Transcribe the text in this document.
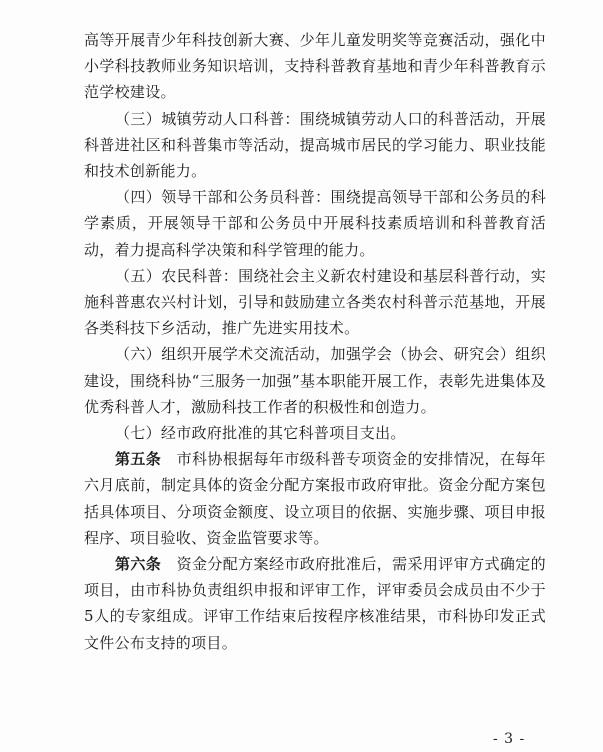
高等开展青少年科技创新大赛、少年儿童发明奖等竞赛活动，强化中小学科技教师业务知识培训，支持科普教育基地和青少年科普教育示范学校建设。

（三）城镇劳动人口科普：围绕城镇劳动人口的科普活动，开展科普进社区和科普集市等活动，提高城市居民的学习能力、职业技能和技术创新能力。

（四）领导干部和公务员科普：围绕提高领导干部和公务员的科学素质，开展领导干部和公务员中开展科技素质培训和科普教育活动，着力提高科学决策和科学管理的能力。

（五）农民科普：围绕社会主义新农村建设和基层科普行动，实施科普惠农兴村计划，引导和鼓励建立各类农村科普示范基地，开展各类科技下乡活动，推广先进实用技术。

（六）组织开展学术交流活动，加强学会（协会、研究会）组织建设，围绕科协“三服务一加强”基本职能开展工作，表彰先进集体及优秀科普人才，激励科技工作者的积极性和创造力。

（七）经市政府批准的其它科普项目支出。

第五条　市科协根据每年市级科普专项资金的安排情况，在每年六月底前，制定具体的资金分配方案报市政府审批。资金分配方案包括具体项目、分项资金额度、设立项目的依据、实施步骤、项目申报程序、项目验收、资金监管要求等。

第六条　资金分配方案经市政府批准后，需采用评审方式确定的项目，由市科协负责组织申报和评审工作，评审委员会成员由不少于5人的专家组成。评审工作结束后按程序核准结果，市科协印发正式文件公布支持的项目。

- 3 -
